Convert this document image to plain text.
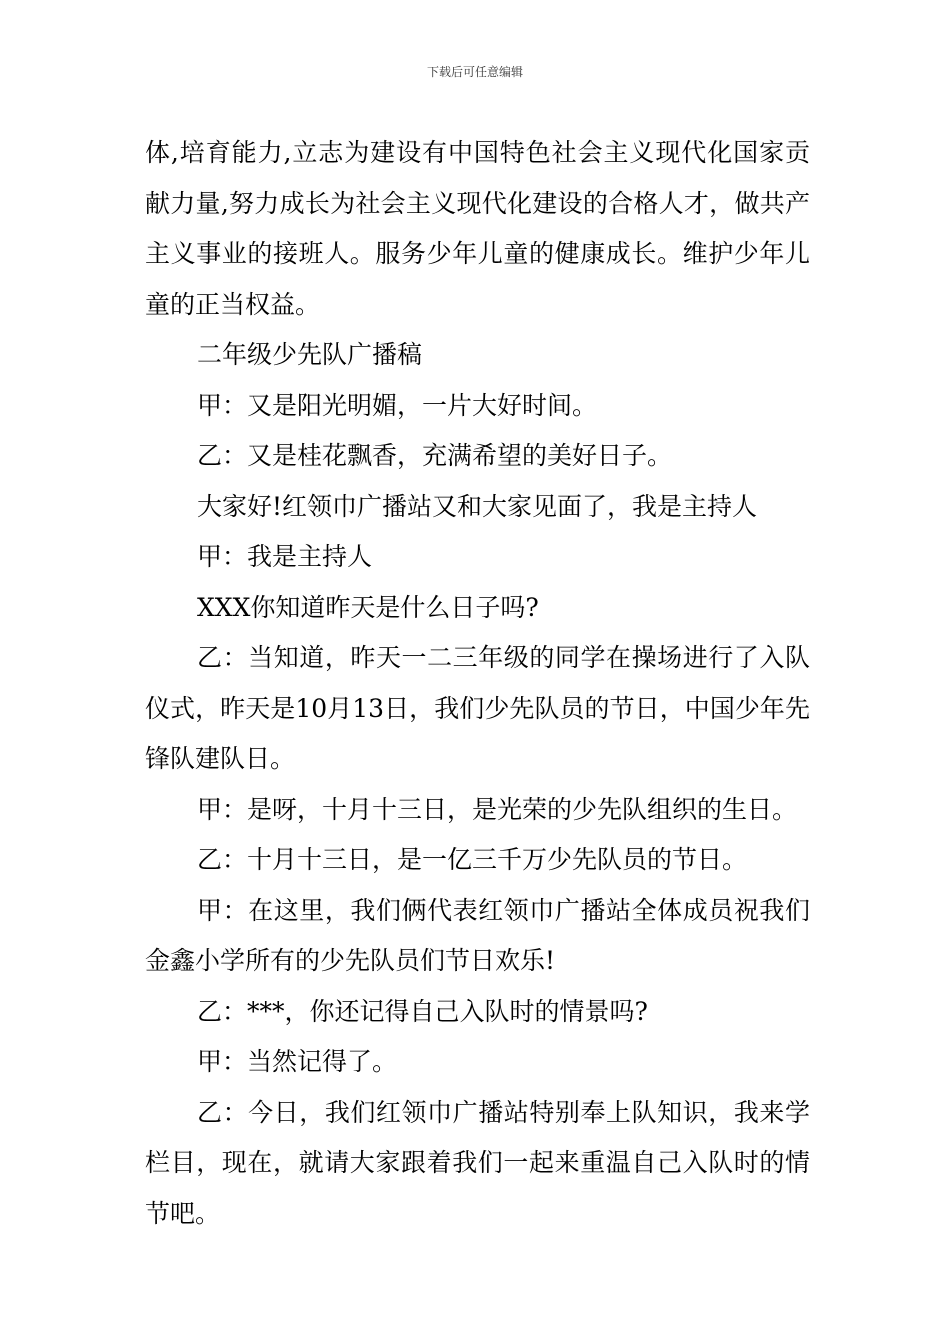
下载后可任意编辑

体,培育能力,立志为建设有中国特色社会主义现代化国家贡献力量,努力成长为社会主义现代化建设的合格人才，做共产主义事业的接班人。服务少年儿童的健康成长。维护少年儿童的正当权益。

二年级少先队广播稿

甲：又是阳光明媚，一片大好时间。

乙：又是桂花飘香，充满希望的美好日子。

大家好!红领巾广播站又和大家见面了，我是主持人

甲：我是主持人

XXX你知道昨天是什么日子吗?

乙：当知道，昨天一二三年级的同学在操场进行了入队仪式，昨天是10月13日，我们少先队员的节日，中国少年先锋队建队日。

甲：是呀，十月十三日，是光荣的少先队组织的生日。

乙：十月十三日，是一亿三千万少先队员的节日。

甲：在这里，我们俩代表红领巾广播站全体成员祝我们金鑫小学所有的少先队员们节日欢乐!

乙：***，你还记得自己入队时的情景吗?

甲：当然记得了。

乙：今日，我们红领巾广播站特别奉上队知识，我来学栏目，现在，就请大家跟着我们一起来重温自己入队时的情节吧。
